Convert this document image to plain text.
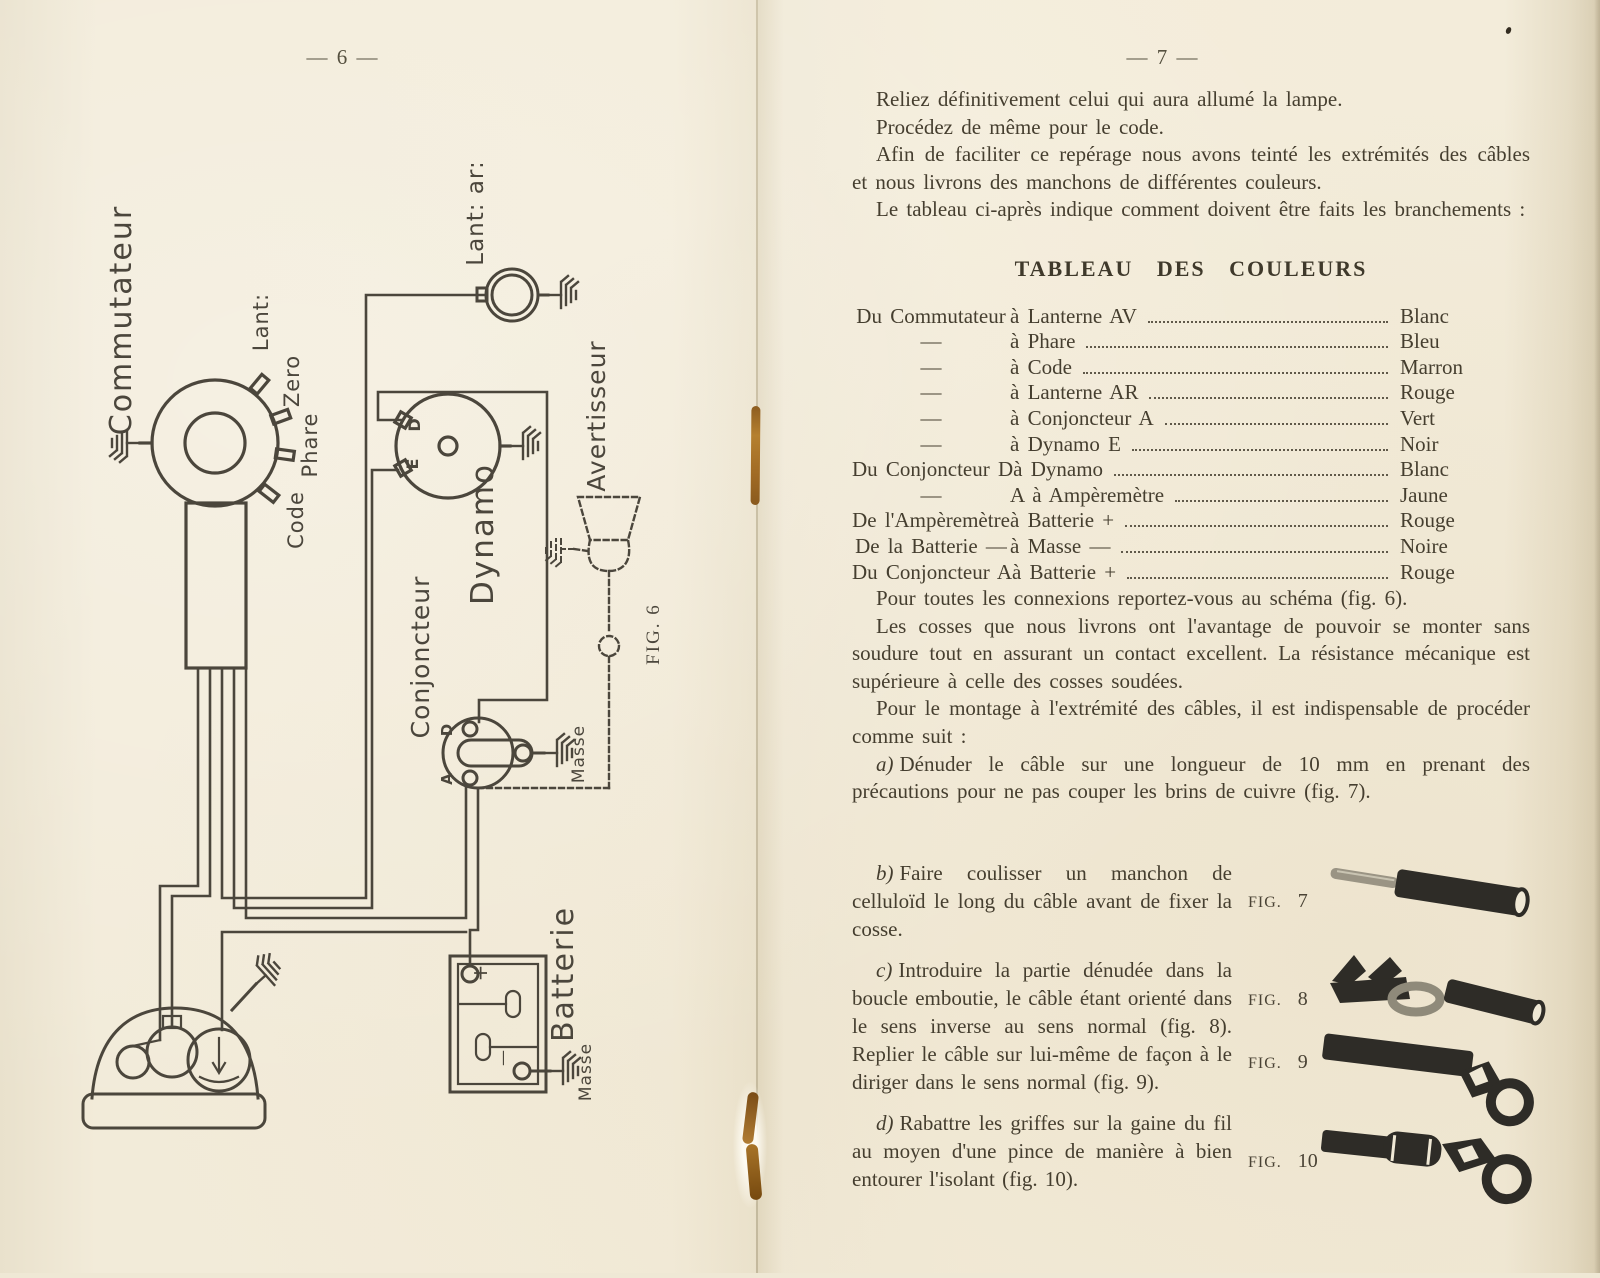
— 6 —
Commutateur	Lant:
Zero
Phare
Code
Lant: ar:
Dynamo
D
E
Conjoncteur D
A	Masse
Avertisseur
Batterie
+
—	Masse
FIG. 6
— 7 —

Reliez définitivement celui qui aura allumé la lampe.

Procédez de même pour le code.

Afin de faciliter ce repérage nous avons teinté les extrémités des câbles et nous livrons des manchons de différentes couleurs.

Le tableau ci-après indique comment doivent être faits les branchements :

TABLEAU DES COULEURS
Du Commutateur à Lanterne AV	Blanc
—	à Phare	Bleu
—	à Code	Marron
—	à Lanterne AR	Rouge
—	à Conjoncteur A	Vert
—	à Dynamo E	Noir
Du Conjoncteur D à Dynamo	Blanc
—	A à Ampèremètre	Jaune
De l'Ampèremètre à Batterie +	Rouge
De la Batterie — à Masse —	Noire
Du Conjoncteur A à Batterie +	Rouge

Pour toutes les connexions reportez-vous au schéma (fig. 6).

Les cosses que nous livrons ont l'avantage de pouvoir se monter sans soudure tout en assurant un contact excellent. La résistance mécanique est supérieure à celle des cosses soudées.

Pour le montage à l'extrémité des câbles, il est indispensable de procéder comme suit :

a) Dénuder le câble sur une longueur de 10 mm en prenant des précautions pour ne pas couper les brins de cuivre (fig. 7).

b) Faire coulisser un manchon de celluloïd le long du câble avant de fixer la cosse.

c) Introduire la partie dénudée dans la boucle emboutie, le câble étant orienté dans le sens inverse au sens normal (fig. 8). Replier le câble sur lui-même de façon à le diriger dans le sens normal (fig. 9).

d) Rabattre les griffes sur la gaine du fil au moyen d'une pince de manière à bien entourer l'isolant (fig. 10).

FIG. 7
FIG. 8
FIG. 9
FIG. 10
